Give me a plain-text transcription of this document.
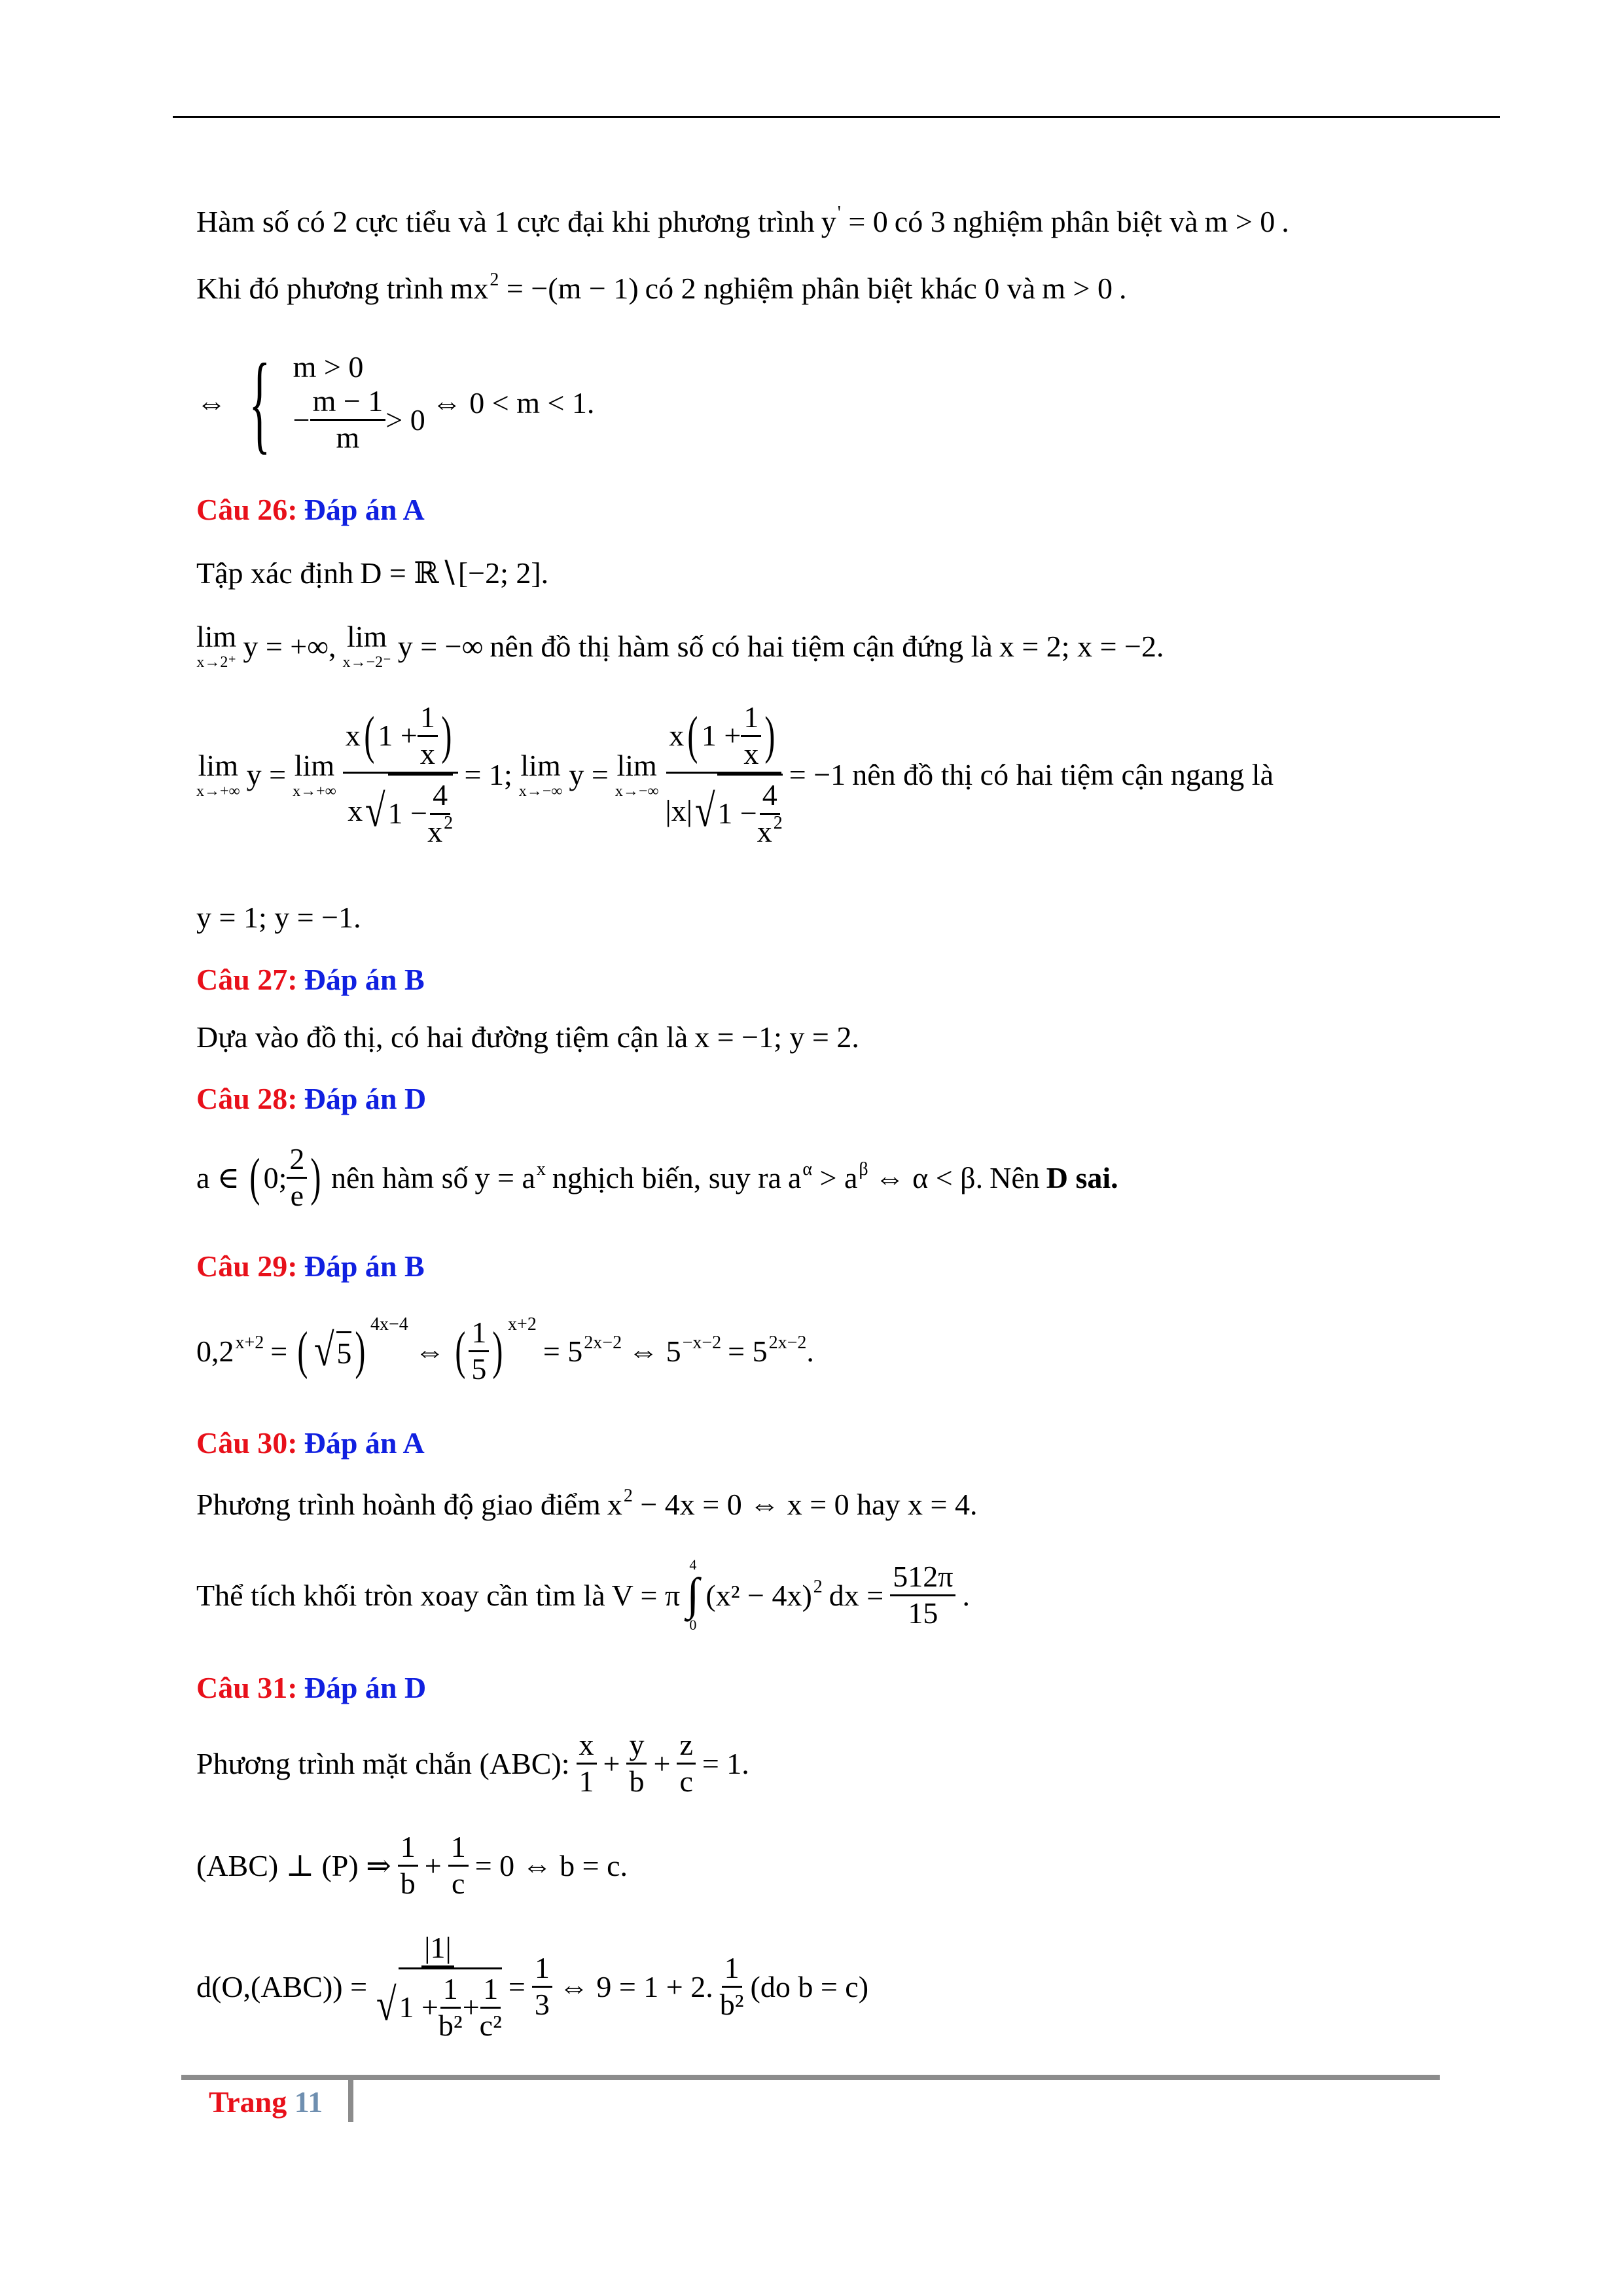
Hàm số có 2 cực tiểu và 1 cực đại khi phương trình y' = 0 có 3 nghiệm phân biệt và m > 0 .
Khi đó phương trình $mx^2 = -(m - 1)$ có 2 nghiệm phân biệt khác 0 và m > 0 .
⇔ { m > 0
− $\frac{m - 1}{m} > 0$
⇔ 0 < m < 1.
Câu 26: Đáp án A
Tập xác định D = ℝ∖[−2; 2].
lim
x→2⁺ y = +∞, lim
x→−2⁻ y = −∞ nên đồ thị hàm số có hai tiệm cận đứng là x = 2; x = −2.
lim
x→+∞ y = lim
$x\to+\infty \frac{x ( 1 + \frac{1}{x} )}{x √ 1 - \frac{4}{x^2}} = 1$; lim
x→−∞ y = lim
$x\to-\infty \frac{x ( 1 + \frac{1}{x} )}{|x| √ 1 - \frac{4}{x^2}} = -1$ nên đồ thị có hai tiệm cận ngang là
y = 1; y = −1.
Câu 27: Đáp án B
Dựa vào đồ thị, có hai đường tiệm cận là x = −1; y = 2.
Câu 28: Đáp án D
a ∈ ( 0; $\frac{2}{e}$ ) nên hàm số $y = a^x$ nghịch biến, suy ra $a^\alpha > a^\beta$ ⇔ α < β. Nên D sai.
Câu 29: Đáp án B
$0,2^{x+2}$ = ( √ 5 ) 4x−4
⇔ ( $\frac{1}{5}$ ) x+2
= $5^{2x-2}$ ⇔ $5^{-x-2} = 5^{2x-2}$.
Câu 30: Đáp án A
Phương trình hoành độ giao điểm $x^2 - 4x = 0$ ⇔ x = 0 hay x = 4.
Thể tích khối tròn xoay cần tìm là V = π
4
∫
0
$(x^2 - 4x)^2$ dx = $\frac{512\pi}{15}$ .
Câu 31: Đáp án D
Phương trình mặt chắn (ABC): $\frac{x}{1} + \frac{y}{b} + \frac{z}{c} = 1$.
(ABC) ⊥ (P) ⇒ $\frac{1}{b} + \frac{1}{c} = 0$ ⇔ b = c.
$d(O,(ABC)) = \frac{|1|}{√ 1 + \frac{1}{\text{b²}} + \frac{1}{\text{c²}}} = \frac{1}{3}$ ⇔ 9 = 1 + 2. $\frac{1}{\text{b²}} (do$ b = c)
Trang 11
